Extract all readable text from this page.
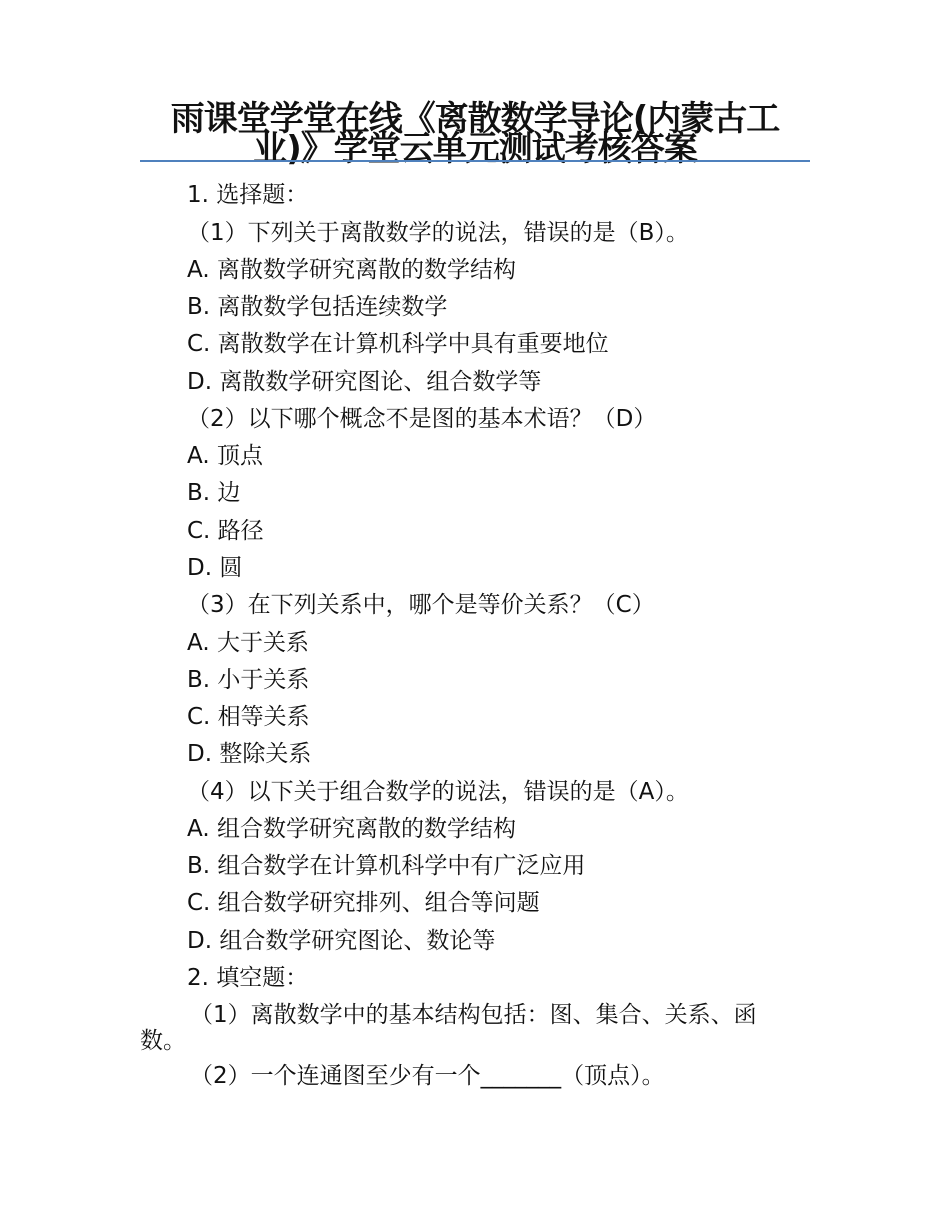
雨课堂学堂在线《离散数学导论(内蒙古工业)》学堂云单元测试考核答案
1. 选择题：
（1）下列关于离散数学的说法，错误的是（B）。
A. 离散数学研究离散的数学结构
B. 离散数学包括连续数学
C. 离散数学在计算机科学中具有重要地位
D. 离散数学研究图论、组合数学等
（2）以下哪个概念不是图的基本术语？（D）
A. 顶点
B. 边
C. 路径
D. 圆
（3）在下列关系中，哪个是等价关系？（C）
A. 大于关系
B. 小于关系
C. 相等关系
D. 整除关系
（4）以下关于组合数学的说法，错误的是（A）。
A. 组合数学研究离散的数学结构
B. 组合数学在计算机科学中有广泛应用
C. 组合数学研究排列、组合等问题
D. 组合数学研究图论、数论等
2. 填空题：
（1）离散数学中的基本结构包括：图、集合、关系、函数。
（2）一个连通图至少有一个_______（顶点）。
